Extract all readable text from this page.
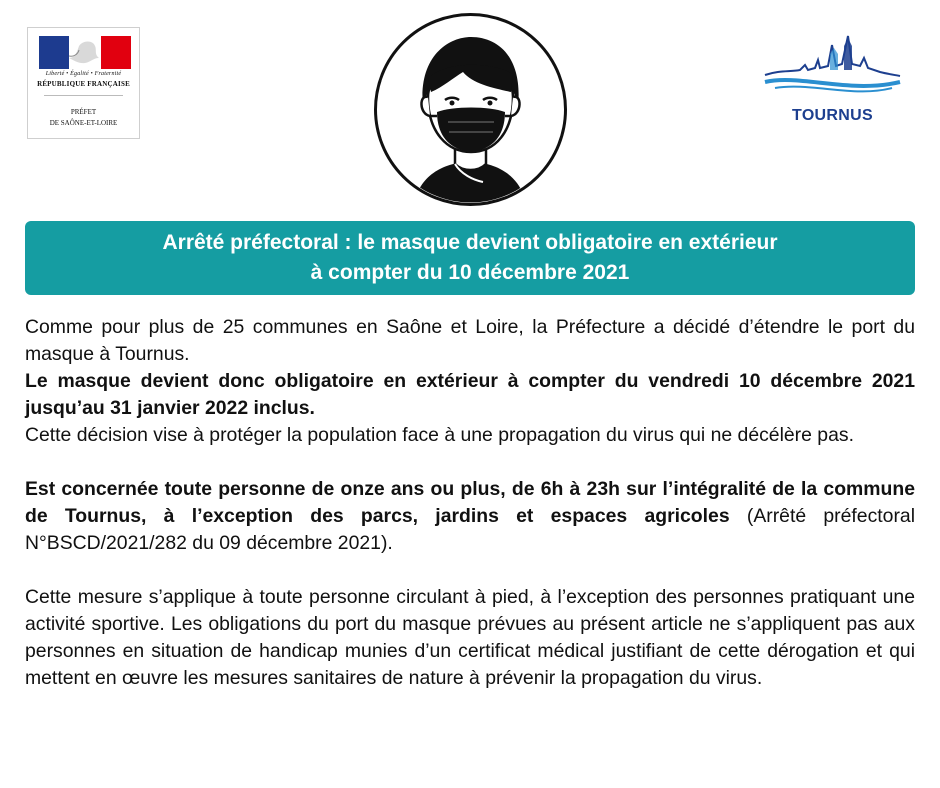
Liberté • Égalité • Fraternité
RÉPUBLIQUE FRANÇAISE
PRÉFET
DE SAÔNE-ET-LOIRE	TOURNUS
Arrêté préfectoral : le masque devient obligatoire en extérieur
à compter du 10 décembre 2021

Comme pour plus de 25 communes en Saône et Loire, la Préfecture a décidé d’étendre le port du masque à Tournus.

Le masque devient donc obligatoire en extérieur à compter du vendredi 10 décembre 2021 jusqu’au 31 janvier 2022 inclus.

Cette décision vise à protéger la population face à une propagation du virus qui ne décélère pas.

Est concernée toute personne de onze ans ou plus, de 6h à 23h sur l’intégralité de la commune de Tournus, à l’exception des parcs, jardins et espaces agricoles (Arrêté préfectoral N°BSCD/2021/282 du 09 décembre 2021).

Cette mesure s’applique à toute personne circulant à pied, à l’exception des personnes pratiquant une activité sportive. Les obligations du port du masque prévues au présent article ne s’appliquent pas aux personnes en situation de handicap munies d’un certificat médical justifiant de cette dérogation et qui mettent en œuvre les mesures sanitaires de nature à prévenir la propagation du virus.
